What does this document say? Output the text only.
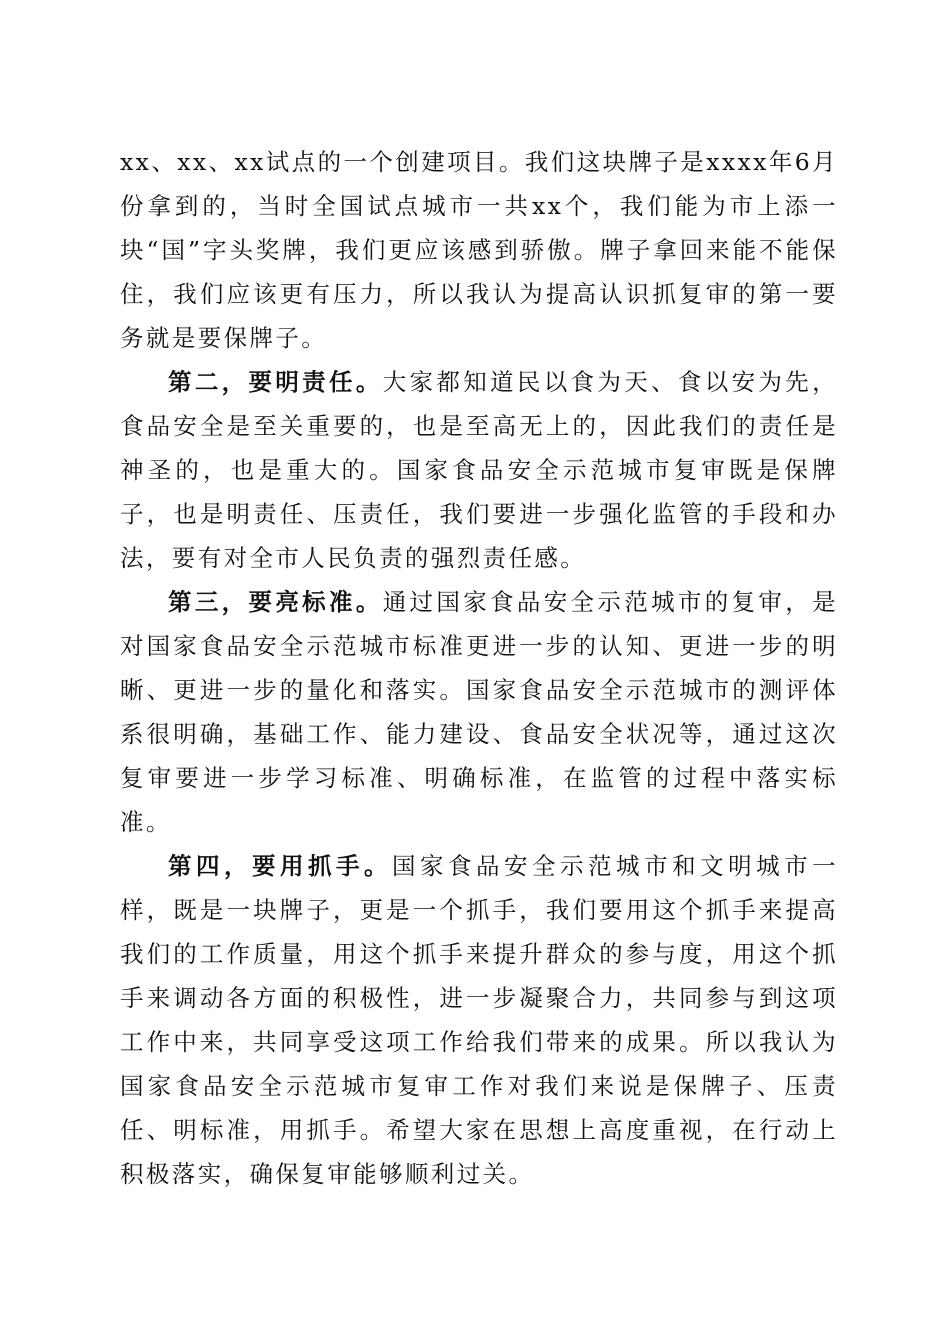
xx、xx、xx试点的一个创建项目。我们这块牌子是xxxx年6月份拿到的，当时全国试点城市一共xx个，我们能为市上添一块“国”字头奖牌，我们更应该感到骄傲。牌子拿回来能不能保住，我们应该更有压力，所以我认为提高认识抓复审的第一要务就是要保牌子。

第二，要明责任。大家都知道民以食为天、食以安为先，食品安全是至关重要的，也是至高无上的，因此我们的责任是神圣的，也是重大的。国家食品安全示范城市复审既是保牌子，也是明责任、压责任，我们要进一步强化监管的手段和办法，要有对全市人民负责的强烈责任感。

第三，要亮标准。通过国家食品安全示范城市的复审，是对国家食品安全示范城市标准更进一步的认知、更进一步的明晰、更进一步的量化和落实。国家食品安全示范城市的测评体系很明确，基础工作、能力建设、食品安全状况等，通过这次复审要进一步学习标准、明确标准，在监管的过程中落实标准。

第四，要用抓手。国家食品安全示范城市和文明城市一样，既是一块牌子，更是一个抓手，我们要用这个抓手来提高我们的工作质量，用这个抓手来提升群众的参与度，用这个抓手来调动各方面的积极性，进一步凝聚合力，共同参与到这项工作中来，共同享受这项工作给我们带来的成果。所以我认为国家食品安全示范城市复审工作对我们来说是保牌子、压责任、明标准，用抓手。希望大家在思想上高度重视，在行动上积极落实，确保复审能够顺利过关。
